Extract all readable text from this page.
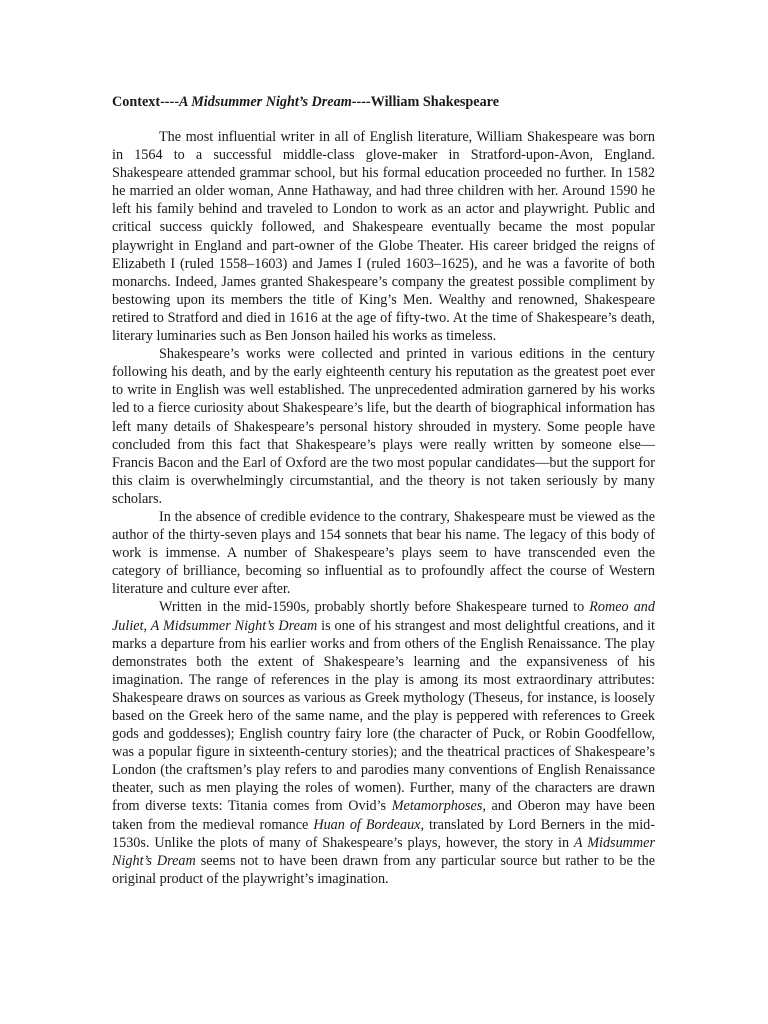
Context----A Midsummer Night’s Dream----William Shakespeare

The most influential writer in all of English literature, William Shakespeare was born in 1564 to a successful middle-class glove-maker in Stratford-upon-Avon, England. Shakespeare attended grammar school, but his formal education proceeded no further. In 1582 he married an older woman, Anne Hathaway, and had three children with her. Around 1590 he left his family behind and traveled to London to work as an actor and playwright. Public and critical success quickly followed, and Shakespeare eventually became the most popular playwright in England and part-owner of the Globe Theater. His career bridged the reigns of Elizabeth I (ruled 1558–1603) and James I (ruled 1603–1625), and he was a favorite of both monarchs. Indeed, James granted Shakespeare’s company the greatest possible compliment by bestowing upon its members the title of King’s Men. Wealthy and renowned, Shakespeare retired to Stratford and died in 1616 at the age of fifty-two. At the time of Shakespeare’s death, literary luminaries such as Ben Jonson hailed his works as timeless.

Shakespeare’s works were collected and printed in various editions in the century following his death, and by the early eighteenth century his reputation as the greatest poet ever to write in English was well established. The unprecedented admiration garnered by his works led to a fierce curiosity about Shakespeare’s life, but the dearth of biographical information has left many details of Shakespeare’s personal history shrouded in mystery. Some people have concluded from this fact that Shakespeare’s plays were really written by someone else—Francis Bacon and the Earl of Oxford are the two most popular candidates—but the support for this claim is overwhelmingly circumstantial, and the theory is not taken seriously by many scholars.

In the absence of credible evidence to the contrary, Shakespeare must be viewed as the author of the thirty-seven plays and 154 sonnets that bear his name. The legacy of this body of work is immense. A number of Shakespeare’s plays seem to have transcended even the category of brilliance, becoming so influential as to profoundly affect the course of Western literature and culture ever after.

Written in the mid-1590s, probably shortly before Shakespeare turned to Romeo and Juliet, A Midsummer Night’s Dream is one of his strangest and most delightful creations, and it marks a departure from his earlier works and from others of the English Renaissance. The play demonstrates both the extent of Shakespeare’s learning and the expansiveness of his imagination. The range of references in the play is among its most extraordinary attributes: Shakespeare draws on sources as various as Greek mythology (Theseus, for instance, is loosely based on the Greek hero of the same name, and the play is peppered with references to Greek gods and goddesses); English country fairy lore (the character of Puck, or Robin Goodfellow, was a popular figure in sixteenth-century stories); and the theatrical practices of Shakespeare’s London (the craftsmen’s play refers to and parodies many conventions of English Renaissance theater, such as men playing the roles of women). Further, many of the characters are drawn from diverse texts: Titania comes from Ovid’s Metamorphoses, and Oberon may have been taken from the medieval romance Huan of Bordeaux, translated by Lord Berners in the mid-1530s. Unlike the plots of many of Shakespeare’s plays, however, the story in A Midsummer Night’s Dream seems not to have been drawn from any particular source but rather to be the original product of the playwright’s imagination.
